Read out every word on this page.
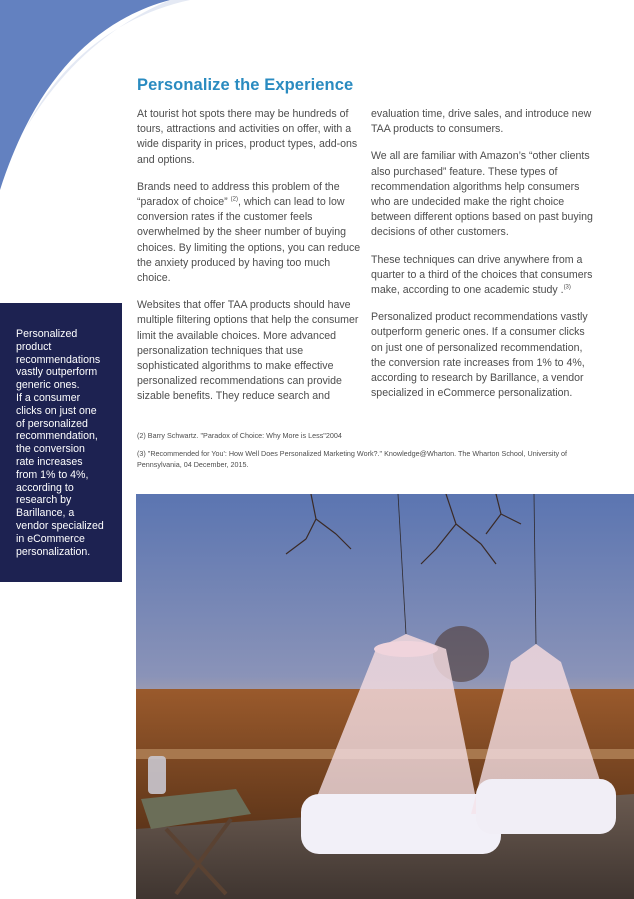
Personalize the Experience

At tourist hot spots there may be hundreds of tours, attractions and activities on offer, with a wide disparity in prices, product types, add-ons and options.

Brands need to address this problem of the “paradox of choice” $^{(2)}$, which can lead to low conversion rates if the customer feels overwhelmed by the sheer number of buying choices. By limiting the options, you can reduce the anxiety produced by having too much choice.

Websites that offer TAA products should have multiple filtering options that help the consumer limit the available choices. More advanced personalization techniques that use sophisticated algorithms to make effective personalized recommendations can provide sizable benefits. They reduce search and

evaluation time, drive sales, and introduce new TAA products to consumers.

We all are familiar with Amazon’s “other clients also purchased” feature. These types of recommendation algorithms help consumers who are undecided make the right choice between different options based on past buying decisions of other customers.

These techniques can drive anywhere from a quarter to a third of the choices that consumers make, according to one academic study .$^{(3)}$

Personalized product recommendations vastly outperform generic ones. If a consumer clicks on just one of personalized recommendation, the conversion rate increases from 1% to 4%, according to research by Barillance, a vendor specialized in eCommerce personalization.

Personalized
product
recommendations
vastly outperform
generic ones.
If a consumer
clicks on just one
of personalized
recommendation,
the conversion
rate increases
from 1% to 4%,
according to
research by
Barillance, a
vendor specialized
in eCommerce
personalization.

(2) Barry Schwartz. "Paradox of Choice: Why More is Less"2004

(3) "Recommended for You': How Well Does Personalized Marketing Work?." Knowledge@Wharton. The Wharton School, University of Pennsylvania, 04 December, 2015.
